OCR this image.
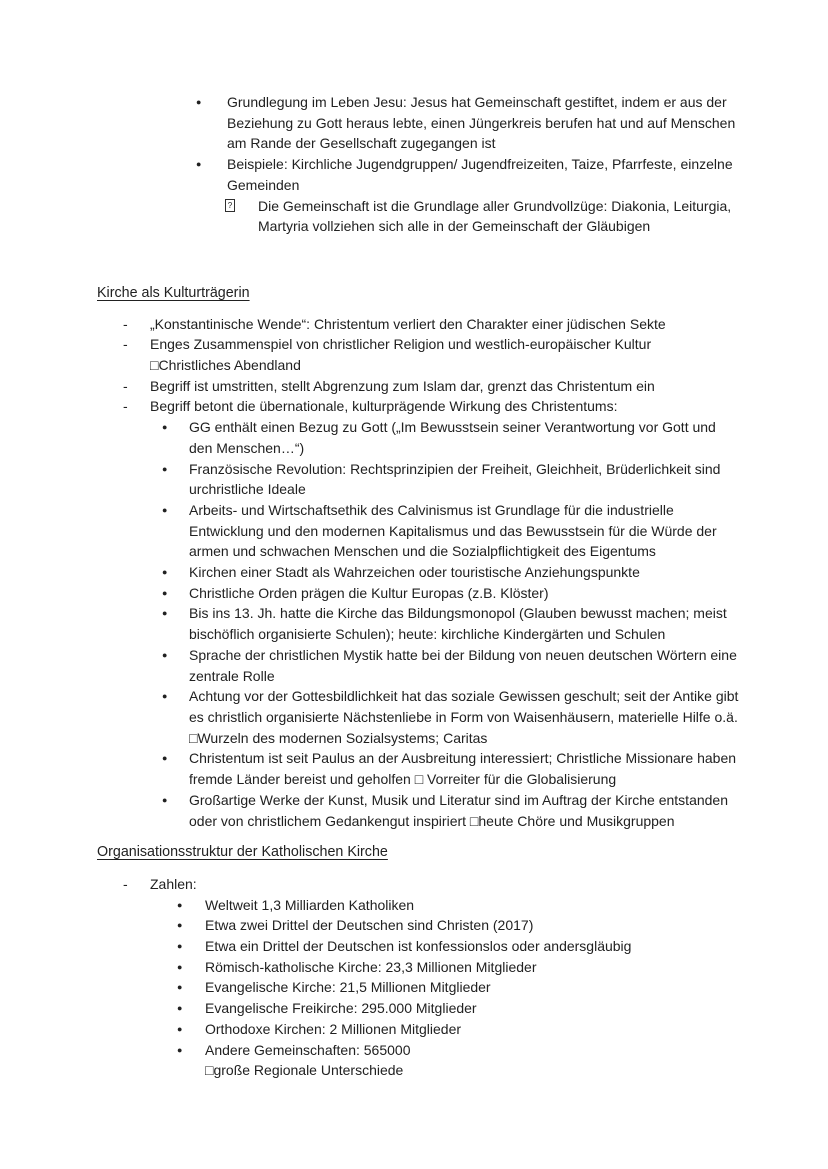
●	Grundlegung im Leben Jesu: Jesus hat Gemeinschaft gestiftet, indem er aus der Beziehung zu Gott heraus lebte, einen Jüngerkreis berufen hat und auf Menschen am Rande der Gesellschaft zugegangen ist
●	Beispiele: Kirchliche Jugendgruppen/ Jugendfreizeiten, Taize, Pfarrfeste, einzelne Gemeinden
? Die Gemeinschaft ist die Grundlage aller Grundvollzüge: Diakonia, Leiturgia, Martyria vollziehen sich alle in der Gemeinschaft der Gläubigen
Kirche als Kulturträgerin
-	„Konstantinische Wende“: Christentum verliert den Charakter einer jüdischen Sekte
-	Enges Zusammenspiel von christlicher Religion und westlich-europäischer Kultur
□Christliches Abendland
-	Begriff ist umstritten, stellt Abgrenzung zum Islam dar, grenzt das Christentum ein
-	Begriff betont die übernationale, kulturprägende Wirkung des Christentums:
●	GG enthält einen Bezug zu Gott („Im Bewusstsein seiner Verantwortung vor Gott und den Menschen…“)
●	Französische Revolution: Rechtsprinzipien der Freiheit, Gleichheit, Brüderlichkeit sind urchristliche Ideale
●	Arbeits- und Wirtschaftsethik des Calvinismus ist Grundlage für die industrielle Entwicklung und den modernen Kapitalismus und das Bewusstsein für die Würde der armen und schwachen Menschen und die Sozialpflichtigkeit des Eigentums
●	Kirchen einer Stadt als Wahrzeichen oder touristische Anziehungspunkte
●	Christliche Orden prägen die Kultur Europas (z.B. Klöster)
●	Bis ins 13. Jh. hatte die Kirche das Bildungsmonopol (Glauben bewusst machen; meist bischöflich organisierte Schulen); heute: kirchliche Kindergärten und Schulen
●	Sprache der christlichen Mystik hatte bei der Bildung von neuen deutschen Wörtern eine zentrale Rolle
●	Achtung vor der Gottesbildlichkeit hat das soziale Gewissen geschult; seit der Antike gibt es christlich organisierte Nächstenliebe in Form von Waisenhäusern, materielle Hilfe o.ä. □Wurzeln des modernen Sozialsystems; Caritas
●	Christentum ist seit Paulus an der Ausbreitung interessiert; Christliche Missionare haben fremde Länder bereist und geholfen □ Vorreiter für die Globalisierung
●	Großartige Werke der Kunst, Musik und Literatur sind im Auftrag der Kirche entstanden oder von christlichem Gedankengut inspiriert □heute Chöre und Musikgruppen
Organisationsstruktur der Katholischen Kirche
-	Zahlen:
●	Weltweit 1,3 Milliarden Katholiken
●	Etwa zwei Drittel der Deutschen sind Christen (2017)
●	Etwa ein Drittel der Deutschen ist konfessionslos oder andersgläubig
●	Römisch-katholische Kirche: 23,3 Millionen Mitglieder
●	Evangelische Kirche: 21,5 Millionen Mitglieder
●	Evangelische Freikirche: 295.000 Mitglieder
●	Orthodoxe Kirchen: 2 Millionen Mitglieder
●	Andere Gemeinschaften: 565000
□große Regionale Unterschiede
